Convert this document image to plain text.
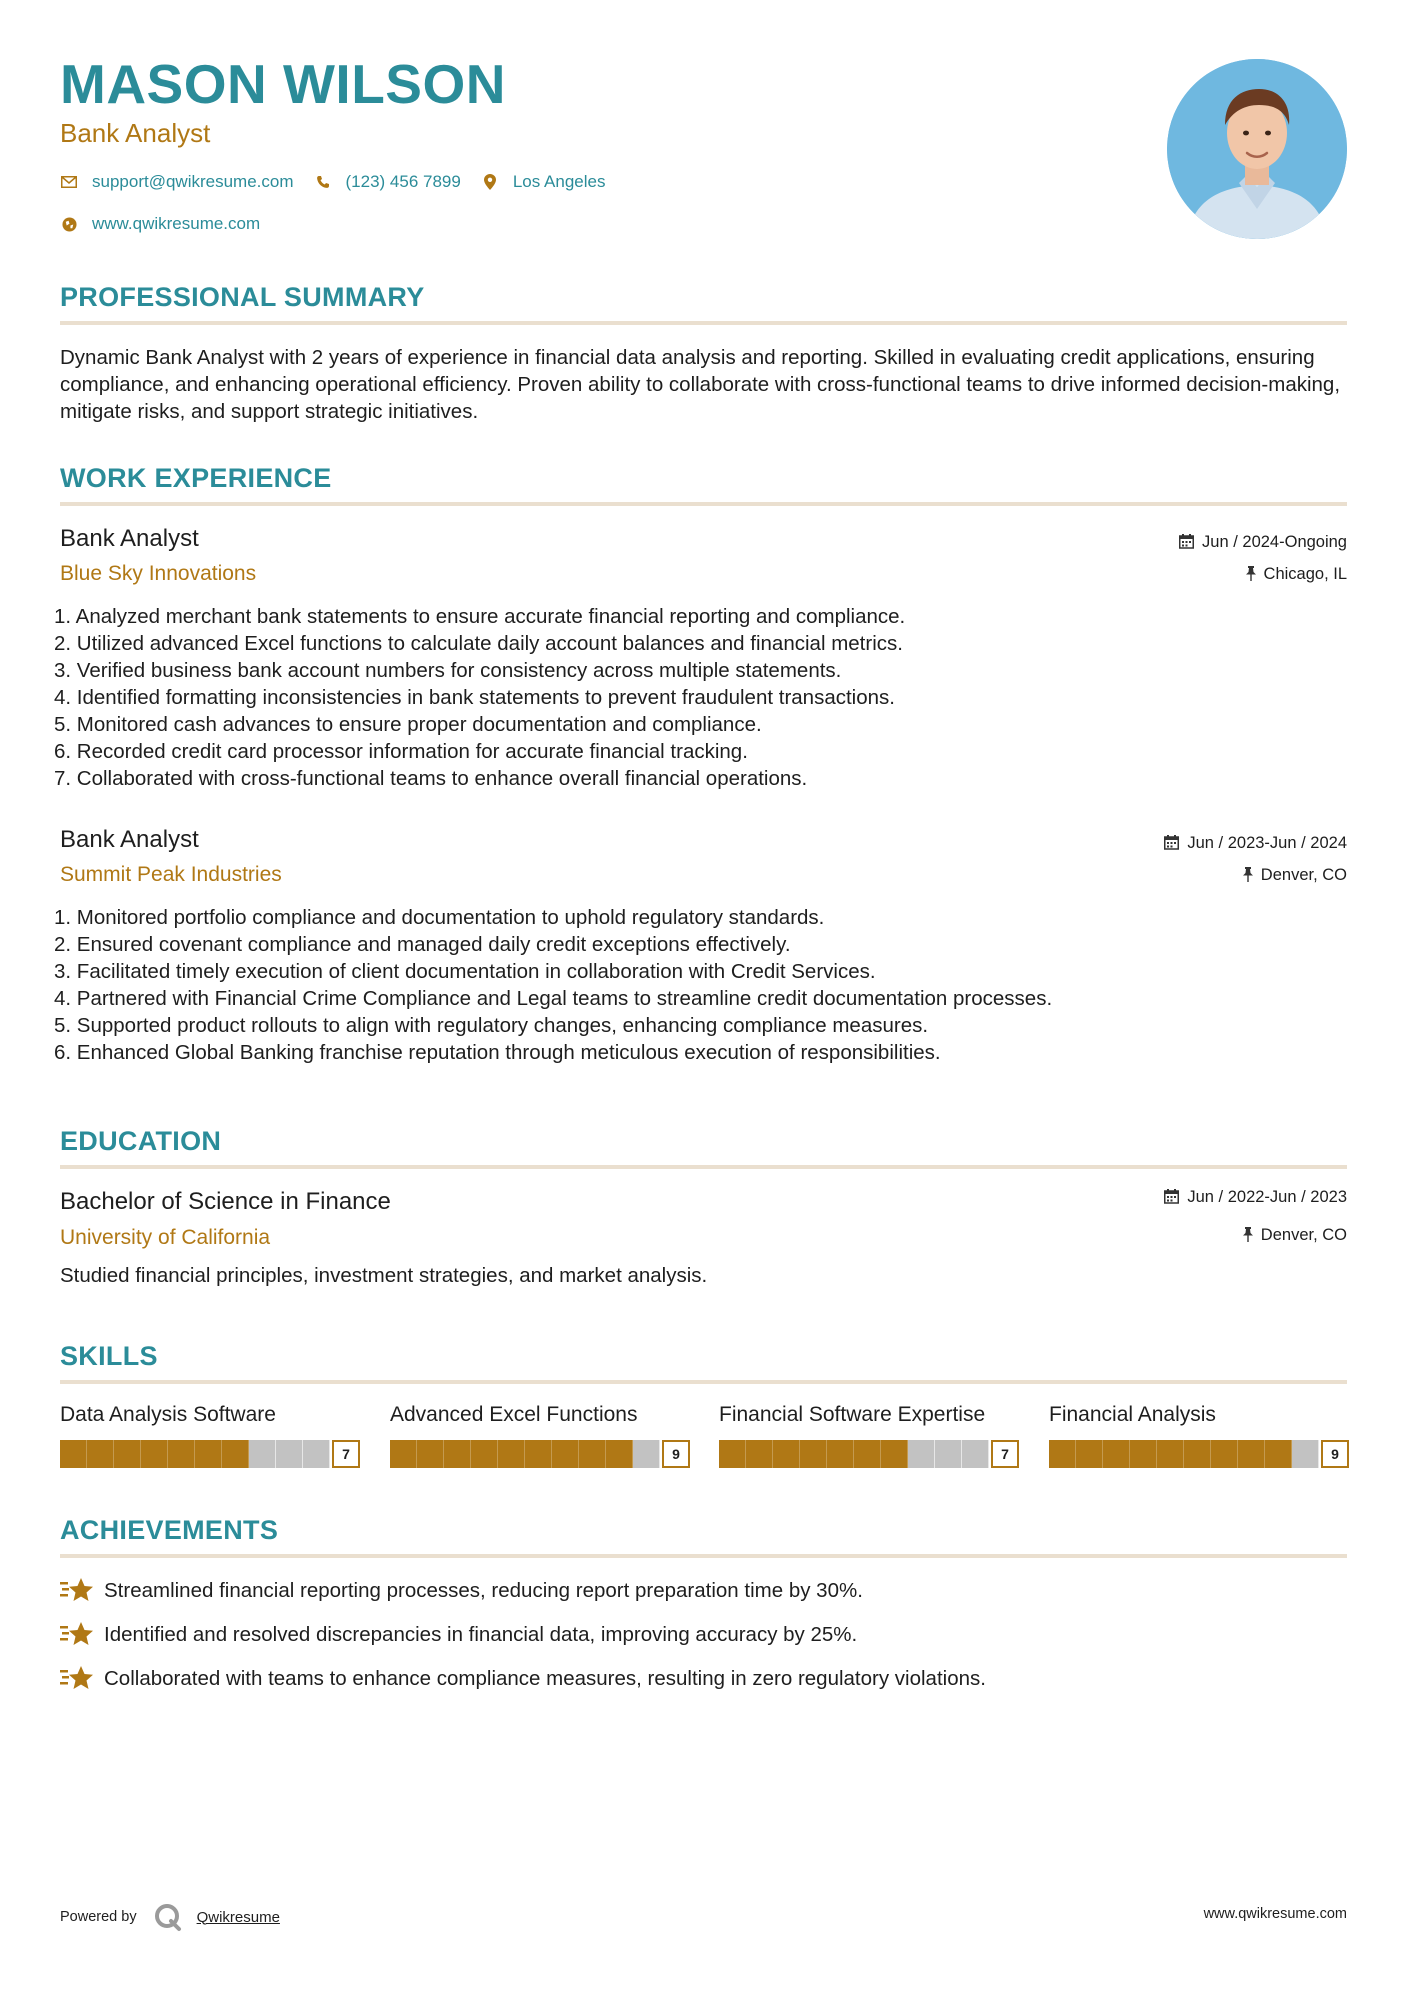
MASON WILSON
Bank Analyst
support@qwikresume.com	(123) 456 7899	Los Angeles
www.qwikresume.com
PROFESSIONAL SUMMARY
Dynamic Bank Analyst with 2 years of experience in financial data analysis and reporting. Skilled in evaluating credit applications, ensuring compliance, and enhancing operational efficiency. Proven ability to collaborate with cross-functional teams to drive informed decision-making, mitigate risks, and support strategic initiatives.
WORK EXPERIENCE
Bank Analyst
Blue Sky Innovations
Jun / 2024-Ongoing
Chicago, IL
1. Analyzed merchant bank statements to ensure accurate financial reporting and compliance.
2. Utilized advanced Excel functions to calculate daily account balances and financial metrics.
3. Verified business bank account numbers for consistency across multiple statements.
4. Identified formatting inconsistencies in bank statements to prevent fraudulent transactions.
5. Monitored cash advances to ensure proper documentation and compliance.
6. Recorded credit card processor information for accurate financial tracking.
7. Collaborated with cross-functional teams to enhance overall financial operations.
Bank Analyst
Summit Peak Industries
Jun / 2023-Jun / 2024
Denver, CO
1. Monitored portfolio compliance and documentation to uphold regulatory standards.
2. Ensured covenant compliance and managed daily credit exceptions effectively.
3. Facilitated timely execution of client documentation in collaboration with Credit Services.
4. Partnered with Financial Crime Compliance and Legal teams to streamline credit documentation processes.
5. Supported product rollouts to align with regulatory changes, enhancing compliance measures.
6. Enhanced Global Banking franchise reputation through meticulous execution of responsibilities.
EDUCATION
Bachelor of Science in Finance
University of California
Jun / 2022-Jun / 2023
Denver, CO
Studied financial principles, investment strategies, and market analysis.
SKILLS
Data Analysis Software
7
Advanced Excel Functions
9
Financial Software Expertise
7
Financial Analysis
9
ACHIEVEMENTS
Streamlined financial reporting processes, reducing report preparation time by 30%.
Identified and resolved discrepancies in financial data, improving accuracy by 25%.
Collaborated with teams to enhance compliance measures, resulting in zero regulatory violations.
Powered by	Qwikresume	www.qwikresume.com
